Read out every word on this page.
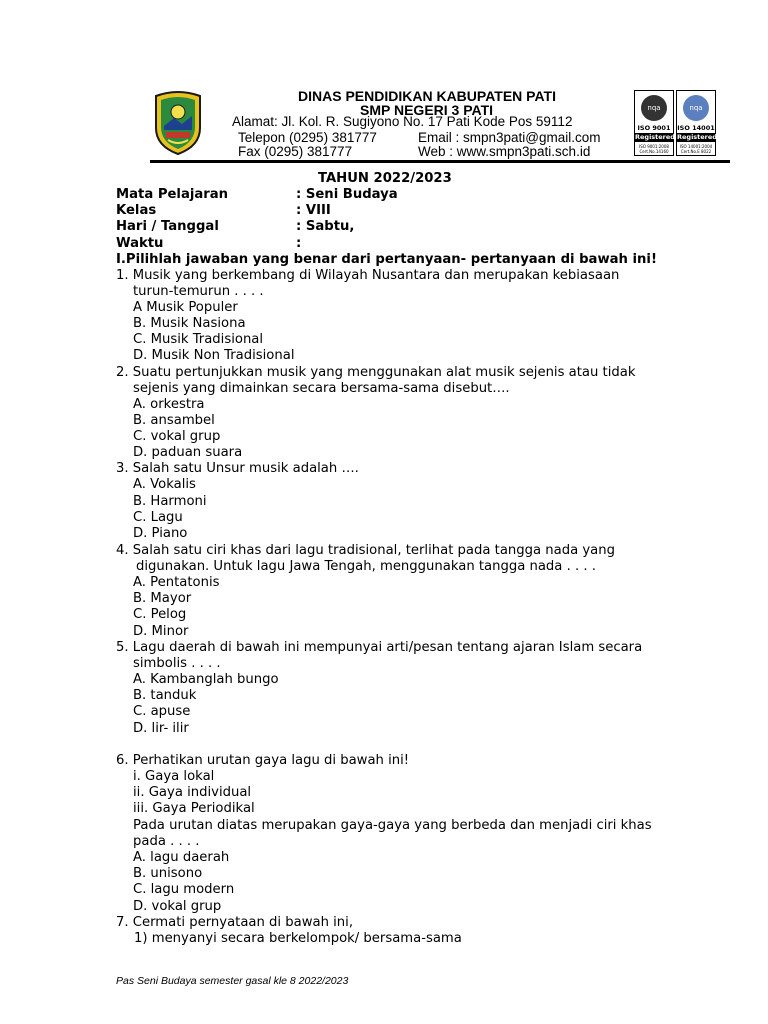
DINAS PENDIDIKAN KABUPATEN PATI
SMP NEGERI 3 PATI
Alamat: Jl. Kol. R. Sugiyono No. 17 Pati Kode Pos 59112
Telepon (0295) 381777	Email : smpn3pati@gmail.com
Fax (0295) 381777	Web : www.smpn3pati.sch.id
nqa
ISO 9001
Registered
ISO 9001:2008 Cert.No.14160
nqa
ISO 14001
Registered
ISO 14001:2004 Cert.No.E 8022
TAHUN 2022/2023
Mata Pelajaran	: Seni Budaya
Kelas	: VIII
Hari / Tanggal	: Sabtu,
Waktu	:
I.Pilihlah jawaban yang benar dari pertanyaan- pertanyaan di bawah ini!
1. Musik yang berkembang di Wilayah Nusantara dan merupakan kebiasaan
turun-temurun . . . .
A Musik Populer
B. Musik Nasiona
C. Musik Tradisional
D. Musik Non Tradisional
2. Suatu pertunjukkan musik yang menggunakan alat musik sejenis atau tidak
sejenis yang dimainkan secara bersama-sama disebut….
A. orkestra
B. ansambel
C. vokal grup
D. paduan suara
3. Salah satu Unsur musik adalah ….
A. Vokalis
B. Harmoni
C. Lagu
D. Piano
4. Salah satu ciri khas dari lagu tradisional, terlihat pada tangga nada yang
digunakan. Untuk lagu Jawa Tengah, menggunakan tangga nada . . . .
A. Pentatonis
B. Mayor
C. Pelog
D. Minor
5. Lagu daerah di bawah ini mempunyai arti/pesan tentang ajaran Islam secara
simbolis . . . .
A. Kambanglah bungo
B. tanduk
C. apuse
D. lir- ilir
6. Perhatikan urutan gaya lagu di bawah ini!
i. Gaya lokal
ii. Gaya individual
iii. Gaya Periodikal
Pada urutan diatas merupakan gaya-gaya yang berbeda dan menjadi ciri khas
pada . . . .
A. lagu daerah
B. unisono
C. lagu modern
D. vokal grup
7. Cermati pernyataan di bawah ini,
1) menyanyi secara berkelompok/ bersama-sama
Pas Seni Budaya semester gasal kle 8 2022/2023
